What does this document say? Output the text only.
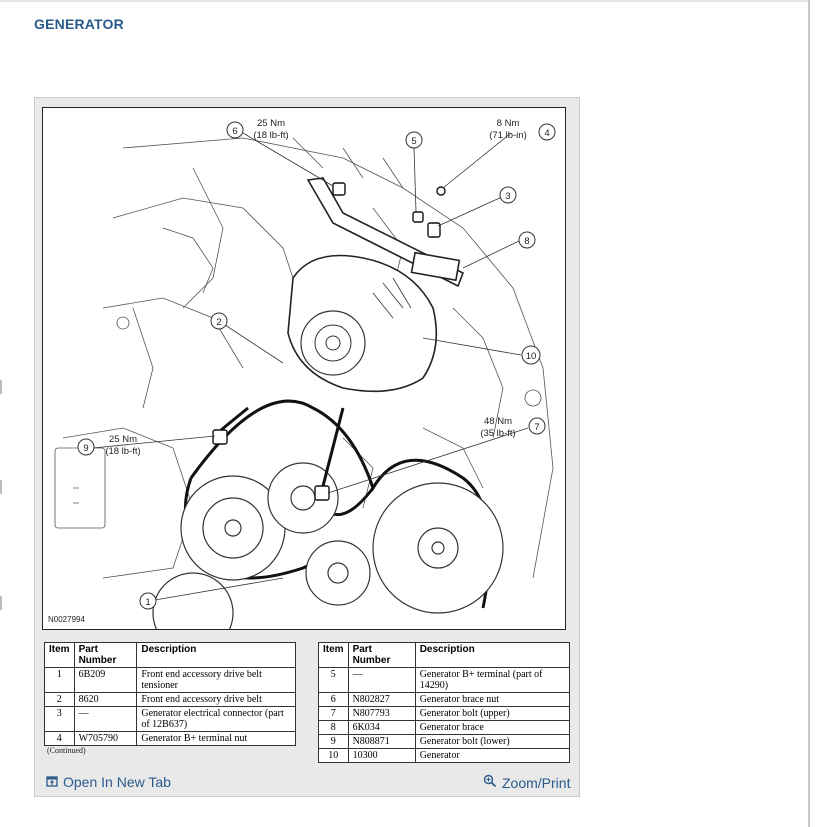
GENERATOR
6
25 Nm
(18 lb-ft)	4
8 Nm
(71 lb-in)
5
3
8
2
10
7
48 Nm
(35 lb-ft)
9
25 Nm
(18 lb-ft)
1
N0027994
Item	Part Number	Description
1	6B209	Front end accessory drive belt tensioner
2	8620	Front end accessory drive belt
3	—	Generator electrical connector (part of 12B637)
4	W705790	Generator B+ terminal nut
(Continued)
Item	Part Number	Description
5	—	Generator B+ terminal (part of 14290)
6	N802827	Generator brace nut
7	N807793	Generator bolt (upper)
8	6K034	Generator brace
9	N808871	Generator bolt (lower)
10	10300	Generator
Open In New Tab	Zoom/Print
